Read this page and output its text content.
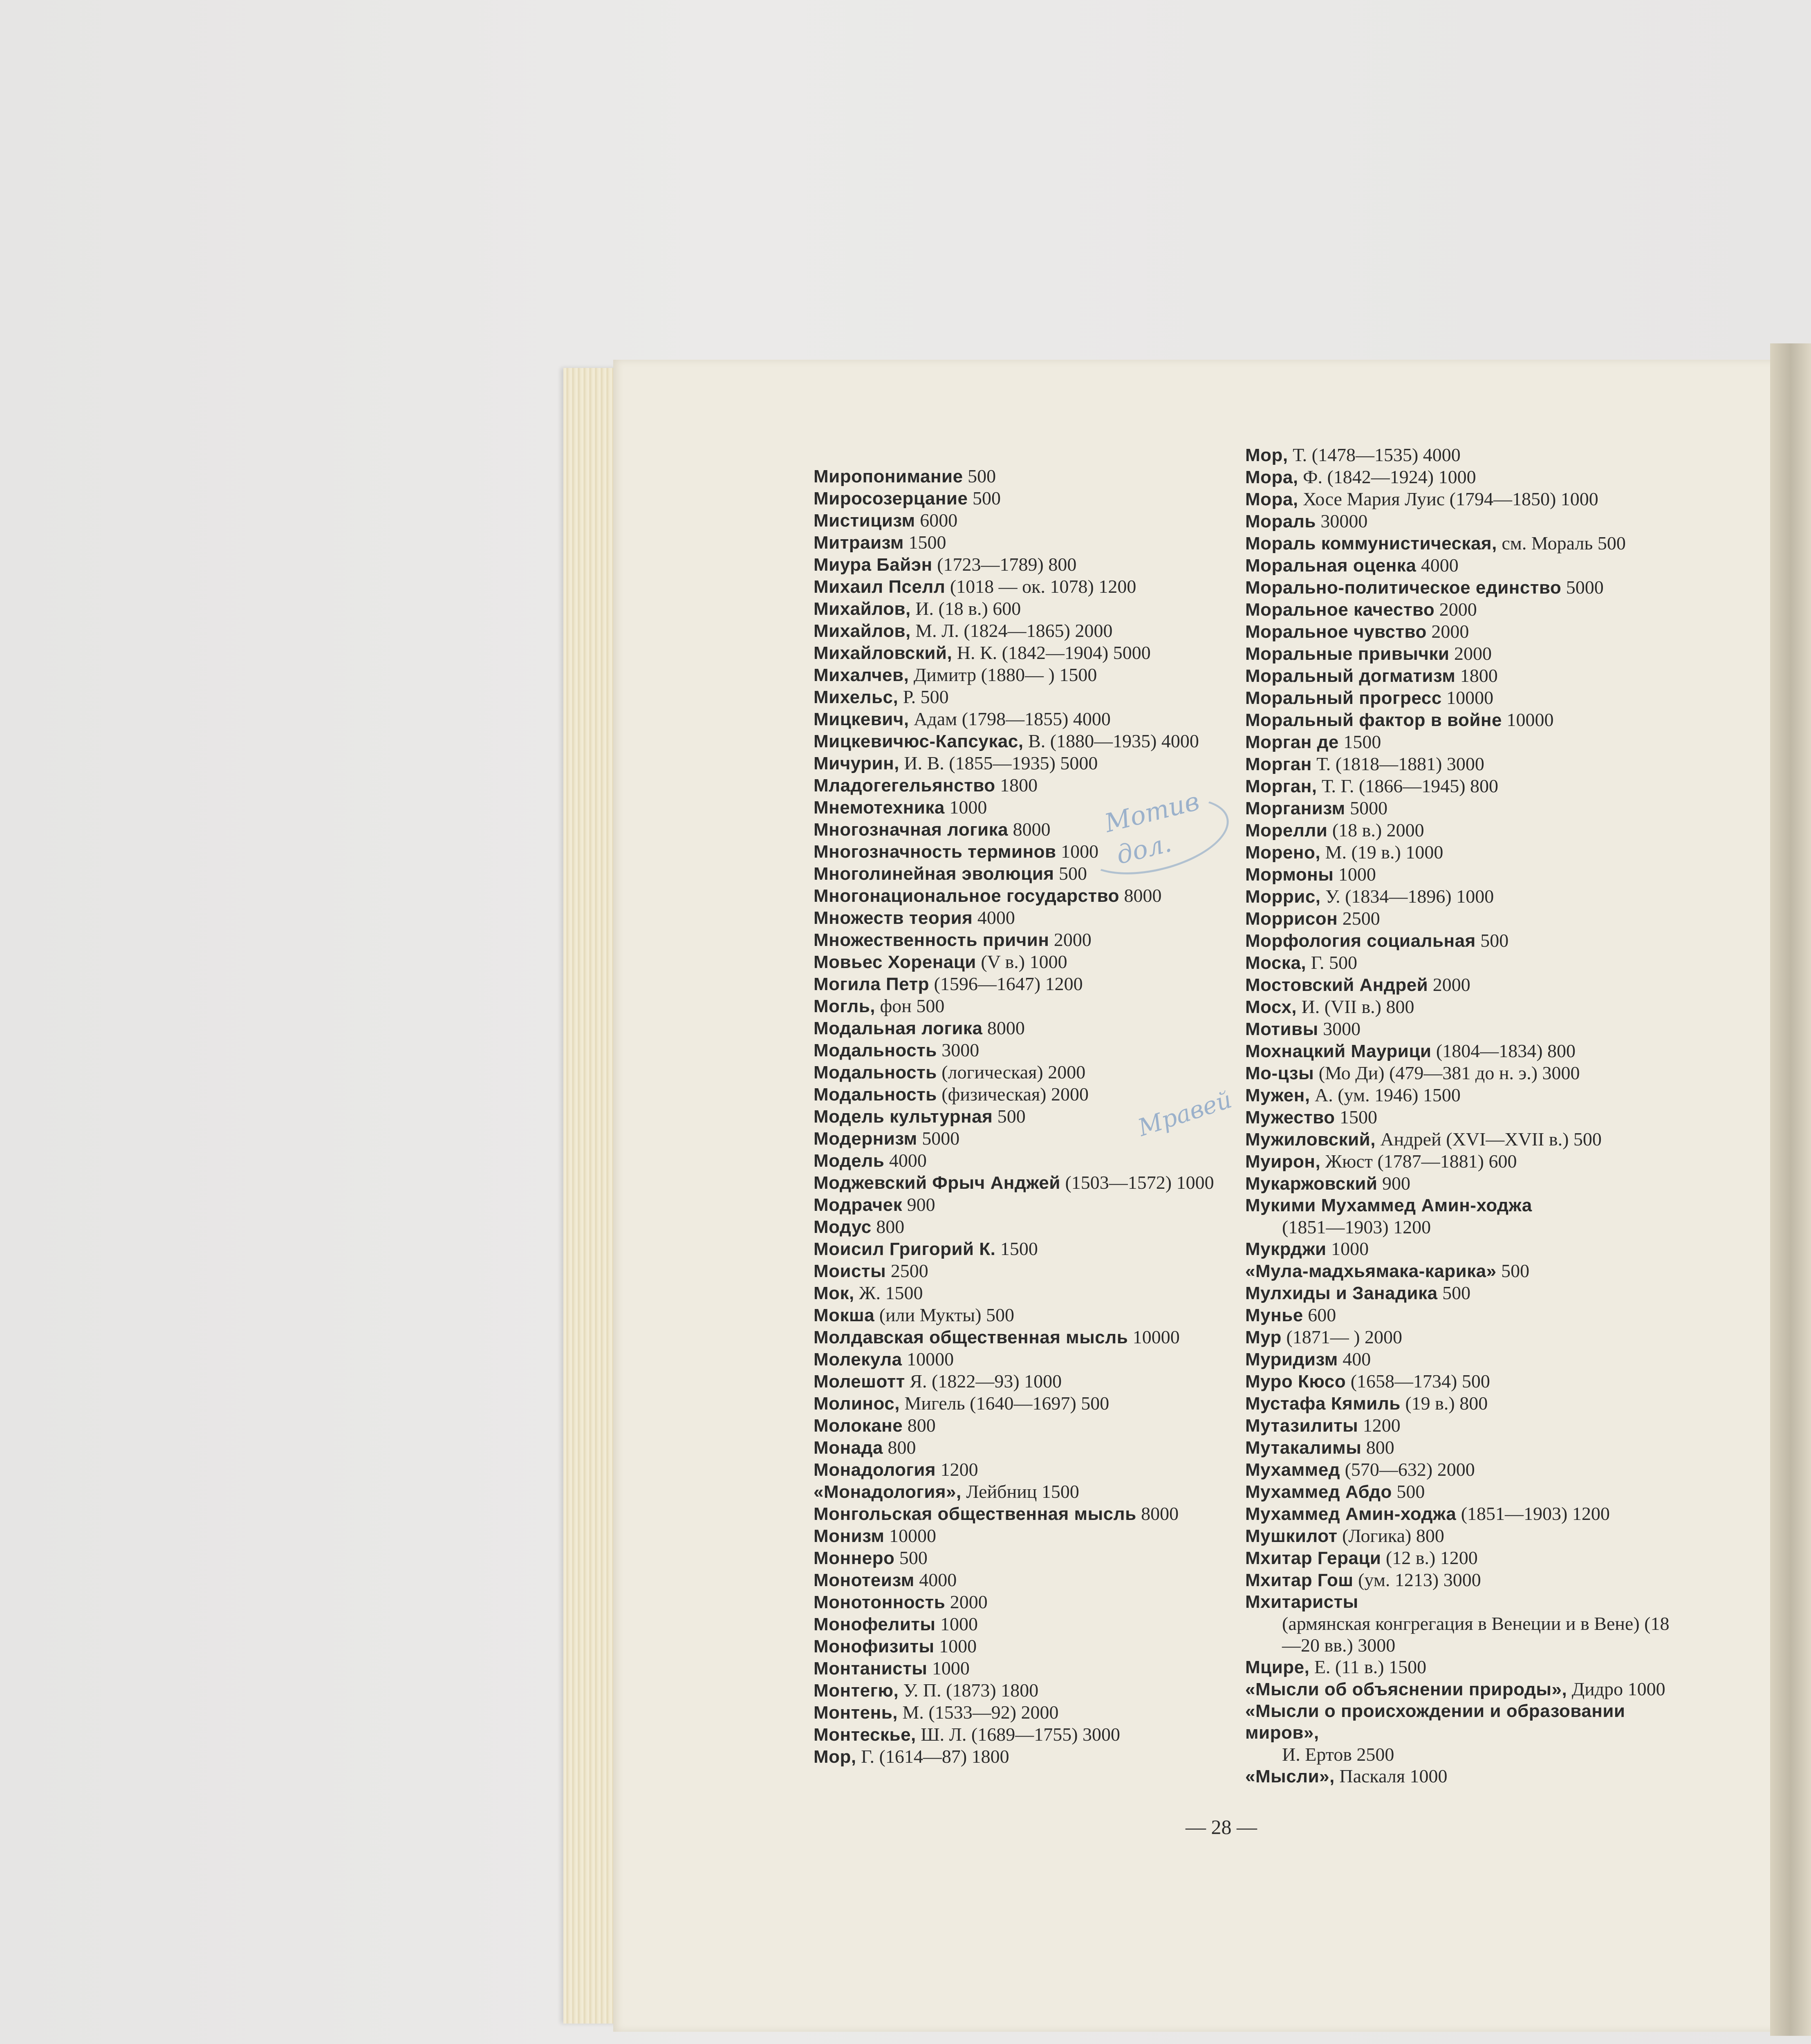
Миропонимание 500
Миросозерцание 500
Мистицизм 6000
Митраизм 1500
Миура Байэн (1723—1789) 800
Михаил Пселл (1018 — ок. 1078) 1200
Михайлов, И. (18 в.) 600
Михайлов, М. Л. (1824—1865) 2000
Михайловский, Н. К. (1842—1904) 5000
Михалчев, Димитр (1880— ) 1500
Михельс, Р. 500
Мицкевич, Адам (1798—1855) 4000
Мицкевичюс-Капсукас, В. (1880—1935) 4000
Мичурин, И. В. (1855—1935) 5000
Младогегельянство 1800
Мнемотехника 1000
Многозначная логика 8000
Многозначность терминов 1000
Многолинейная эволюция 500
Многонациональное государство 8000
Множеств теория 4000
Множественность причин 2000
Мовьес Хоренаци (V в.) 1000
Могила Петр (1596—1647) 1200
Могль, фон 500
Модальная логика 8000
Модальность 3000
Модальность (логическая) 2000
Модальность (физическая) 2000
Модель культурная 500
Модернизм 5000
Модель 4000
Моджевский Фрыч Анджей (1503—1572) 1000
Модрачек 900
Модус 800
Моисил Григорий К. 1500
Моисты 2500
Мок, Ж. 1500
Мокша (или Мукты) 500
Молдавская общественная мысль 10000
Молекула 10000
Молешотт Я. (1822—93) 1000
Молинос, Мигель (1640—1697) 500
Молокане 800
Монада 800
Монадология 1200
«Монадология», Лейбниц 1500
Монгольская общественная мысль 8000
Монизм 10000
Моннеро 500
Монотеизм 4000
Монотонность 2000
Монофелиты 1000
Монофизиты 1000
Монтанисты 1000
Монтегю, У. П. (1873) 1800
Монтень, М. (1533—92) 2000
Монтескье, Ш. Л. (1689—1755) 3000
Мор, Г. (1614—87) 1800
Мор, Т. (1478—1535) 4000
Мора, Ф. (1842—1924) 1000
Мора, Хосе Мария Луис (1794—1850) 1000
Мораль 30000
Мораль коммунистическая, см. Мораль 500
Моральная оценка 4000
Морально-политическое единство 5000
Моральное качество 2000
Моральное чувство 2000
Моральные привычки 2000
Моральный догматизм 1800
Моральный прогресс 10000
Моральный фактор в войне 10000
Морган де 1500
Морган Т. (1818—1881) 3000
Морган, Т. Г. (1866—1945) 800
Морганизм 5000
Морелли (18 в.) 2000
Морено, М. (19 в.) 1000
Мормоны 1000
Моррис, У. (1834—1896) 1000
Моррисон 2500
Морфология социальная 500
Моска, Г. 500
Мостовский Андрей 2000
Мосх, И. (VII в.) 800
Мотивы 3000
Мохнацкий Маурици (1804—1834) 800
Мо-цзы (Мо Ди) (479—381 до н. э.) 3000
Мужен, А. (ум. 1946) 1500
Мужество 1500
Мужиловский, Андрей (XVI—XVII в.) 500
Муирон, Жюст (1787—1881) 600
Мукаржовский 900
Мукими Мухаммед Амин-ходжа
(1851—1903) 1200
Мукрджи 1000
«Мула-мадхьямака-карика» 500
Мулхиды и Занадика 500
Мунье 600
Мур (1871— ) 2000
Муридизм 400
Муро Кюсо (1658—1734) 500
Мустафа Кямиль (19 в.) 800
Мутазилиты 1200
Мутакалимы 800
Мухаммед (570—632) 2000
Мухаммед Абдо 500
Мухаммед Амин-ходжа (1851—1903) 1200
Мушкилот (Логика) 800
Мхитар Гераци (12 в.) 1200
Мхитар Гош (ум. 1213) 3000
Мхитаристы
(армянская конгрегация в Венеции и в Вене) (18—20 вв.) 3000
Мцире, Е. (11 в.) 1500
«Мысли об объяснении природы», Дидро 1000
«Мысли о происхождении и образовании миров»,
И. Ертов 2500
«Мысли», Паскаля 1000
Мотив
дол.
Мравей
— 28 —
